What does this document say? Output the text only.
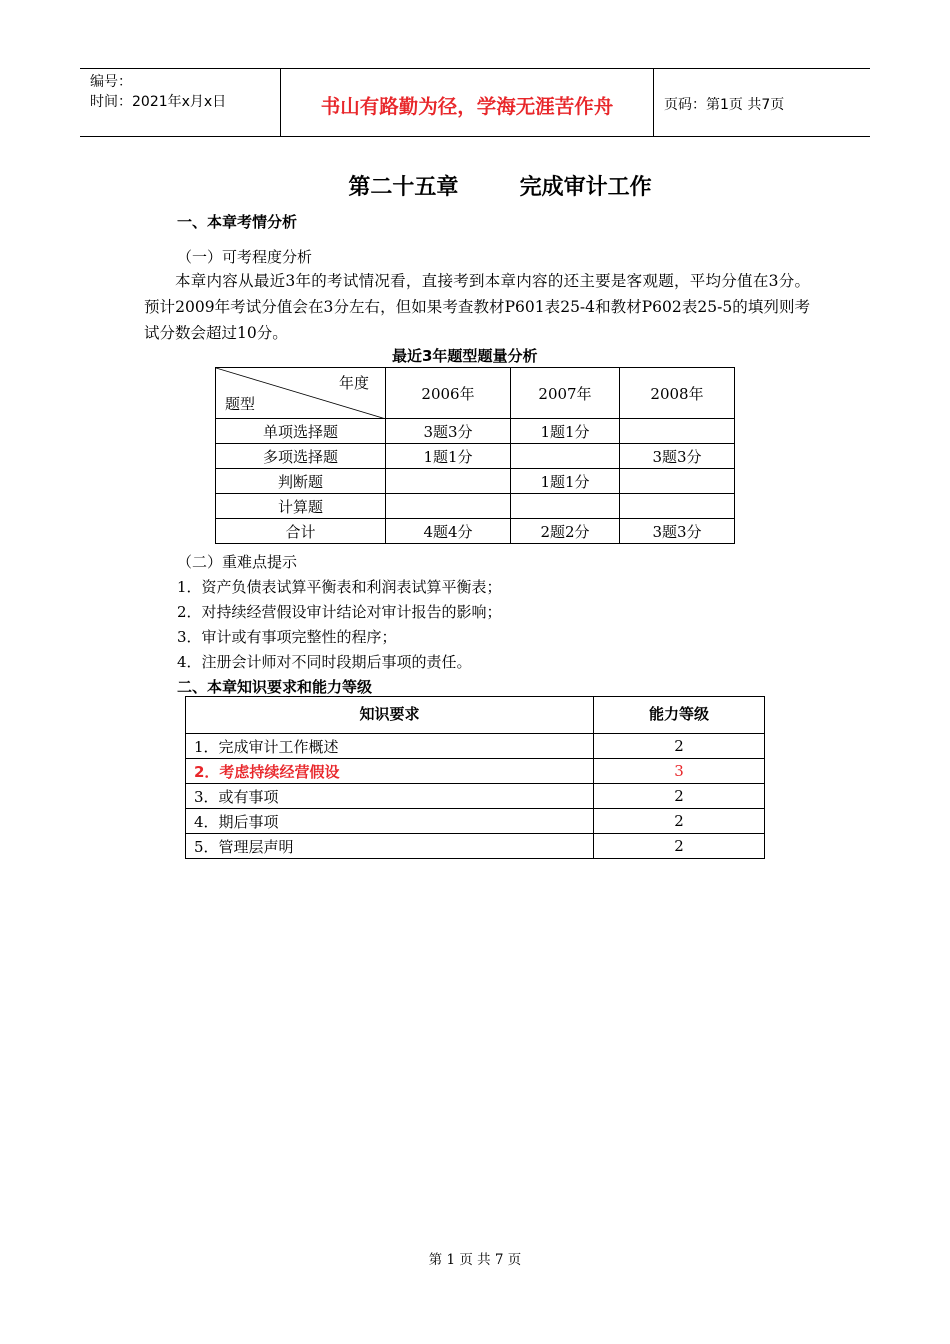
编号：
时间：2021年x月x日	书山有路勤为径，学海无涯苦作舟	页码：第1页 共7页
第二十五章        完成审计工作
一、本章考情分析
（一）可考程度分析
本章内容从最近3年的考试情况看，直接考到本章内容的还主要是客观题，平均分值在3分。预计2009年考试分值会在3分左右，但如果考查教材P601表25-4和教材P602表25-5的填列则考试分数会超过10分。
最近3年题型题量分析
年度
题型	2006年	2007年	2008年
单项选择题	3题3分	1题1分	
多项选择题	1题1分		3题3分
判断题		1题1分	
计算题			
合计	4题4分	2题2分	3题3分
（二）重难点提示
1．资产负债表试算平衡表和利润表试算平衡表；
2．对持续经营假设审计结论对审计报告的影响；
3．审计或有事项完整性的程序；
4．注册会计师对不同时段期后事项的责任。
二、本章知识要求和能力等级
知识要求	能力等级
1．完成审计工作概述	2
2．考虑持续经营假设	3
3．或有事项	2
4．期后事项	2
5．管理层声明	2
第 1 页 共 7 页
